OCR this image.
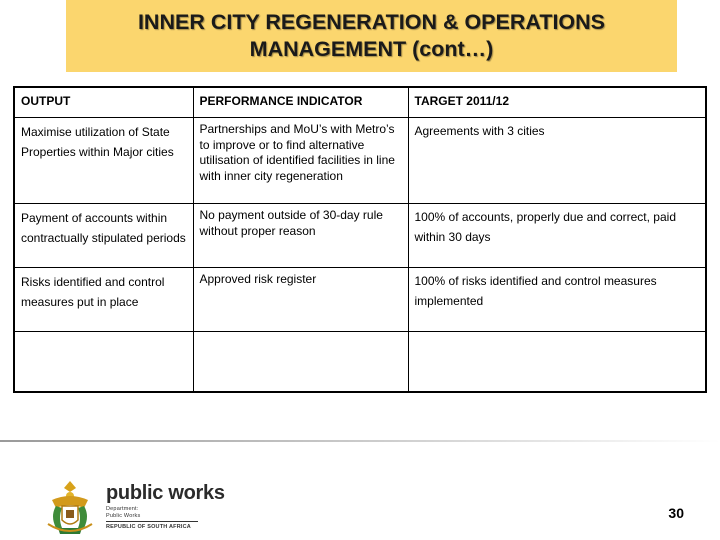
INNER CITY REGENERATION & OPERATIONS
MANAGEMENT (cont…)
OUTPUT	PERFORMANCE INDICATOR	TARGET 2011/12
Maximise utilization of State Properties within Major cities	Partnerships and MoU’s with Metro’s to improve or to find alternative utilisation of identified facilities in line with inner city regeneration	Agreements with 3 cities
Payment of accounts within contractually stipulated periods	No payment outside of 30-day rule without proper reason	100% of accounts, properly due and correct, paid within 30 days
Risks identified and control measures put in place	Approved risk register	100% of risks identified and control measures implemented

public works
Department:
Public Works
REPUBLIC OF SOUTH AFRICA
30
